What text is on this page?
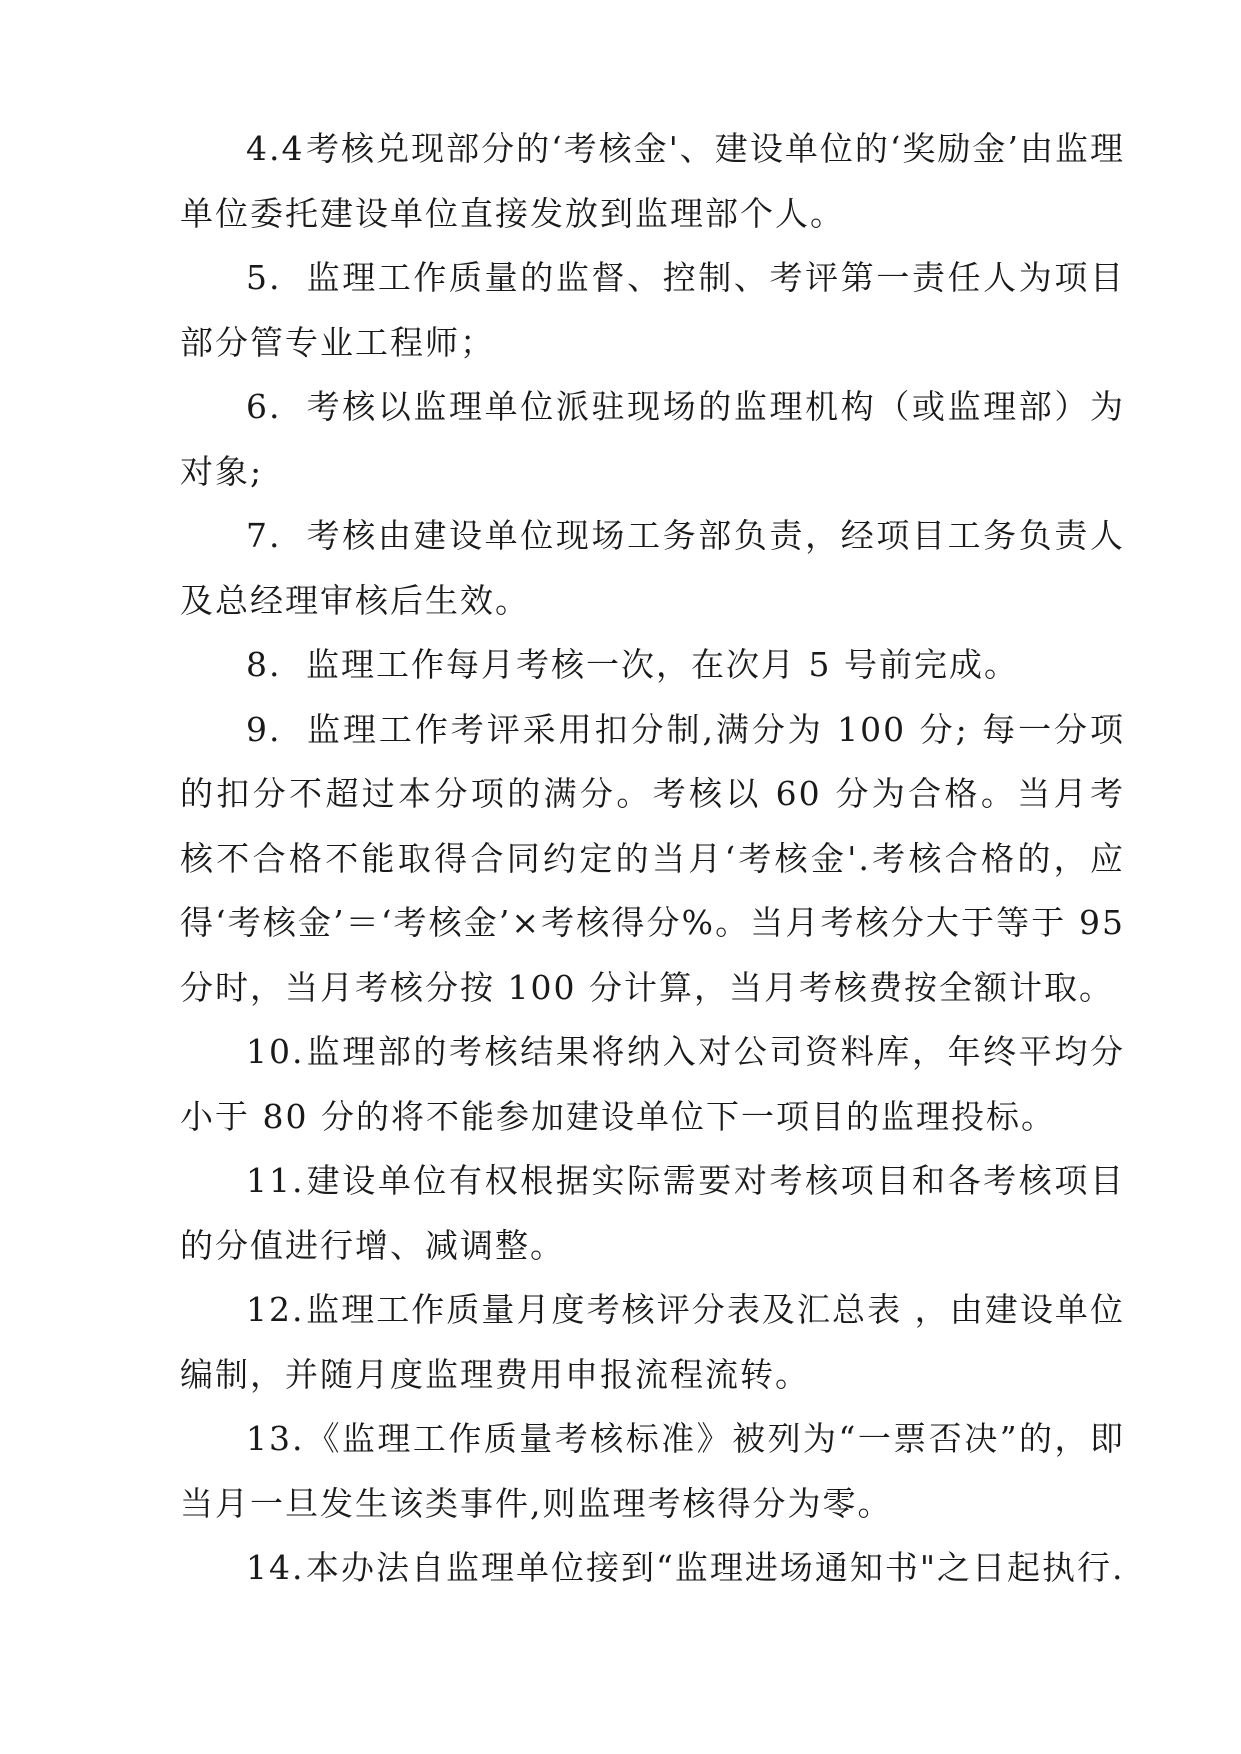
4.4考核兑现部分的‘考核金'、建设单位的‘奖励金’由监理单位委托建设单位直接发放到监理部个人。

5. 监理工作质量的监督、控制、考评第一责任人为项目部分管专业工程师；

6. 考核以监理单位派驻现场的监理机构（或监理部）为对象;

7. 考核由建设单位现场工务部负责，经项目工务负责人及总经理审核后生效。

8. 监理工作每月考核一次，在次月 5 号前完成。

9. 监理工作考评采用扣分制,满分为 100 分; 每一分项的扣分不超过本分项的满分。考核以 60 分为合格。当月考核不合格不能取得合同约定的当月‘考核金'.考核合格的，应得‘考核金’＝‘考核金’×考核得分%。当月考核分大于等于 95 分时，当月考核分按 100 分计算，当月考核费按全额计取。

10.监理部的考核结果将纳入对公司资料库，年终平均分小于 80 分的将不能参加建设单位下一项目的监理投标。

11.建设单位有权根据实际需要对考核项目和各考核项目的分值进行增、减调整。

12.监理工作质量月度考核评分表及汇总表 ，由建设单位编制，并随月度监理费用申报流程流转。

13.《监理工作质量考核标准》被列为“一票否决”的，即当月一旦发生该类事件,则监理考核得分为零。

14.本办法自监理单位接到“监理进场通知书"之日起执行.
